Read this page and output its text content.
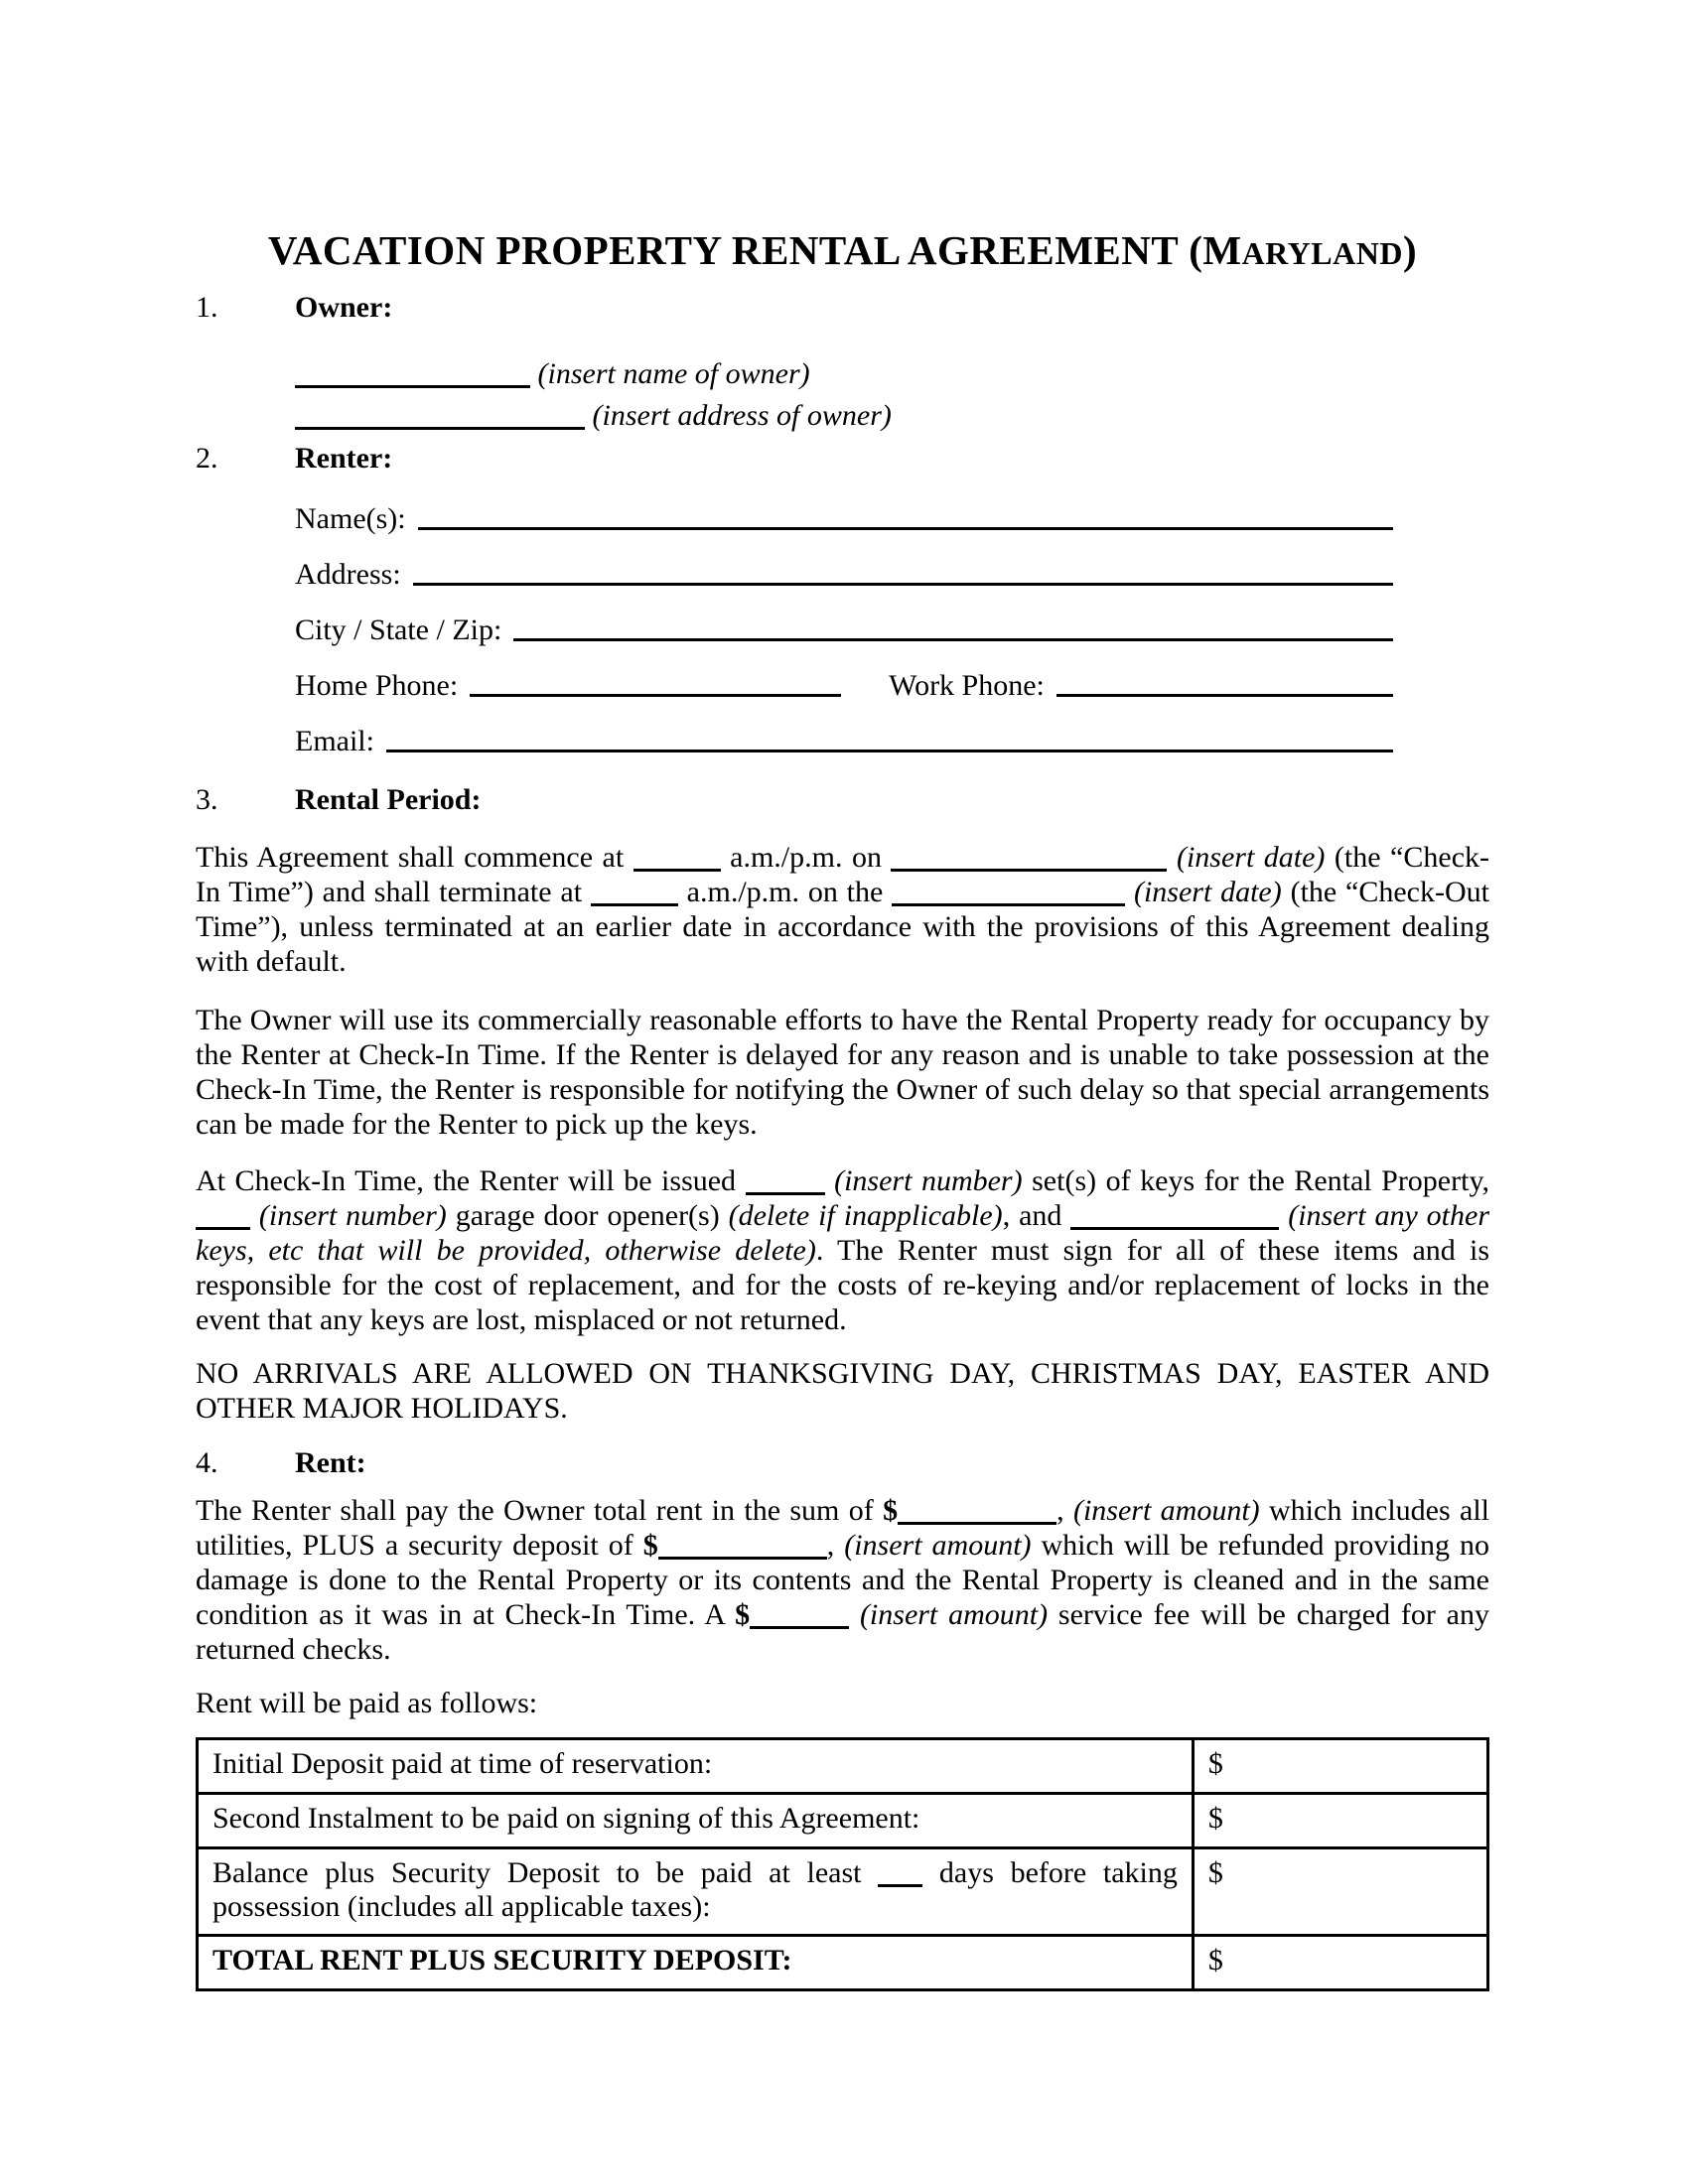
VACATION PROPERTY RENTAL AGREEMENT (MARYLAND)
1.	Owner:
(insert name of owner)
(insert address of owner)
2.	Renter:
Name(s):
Address:
City / State / Zip:
Home Phone:	Work Phone:
Email:
3.	Rental Period:
This Agreement shall commence at	a.m./p.m. on	(insert date) (the “Check-In Time”) and shall terminate at	a.m./p.m. on the	(insert date) (the “Check-Out Time”), unless terminated at an earlier date in accordance with the provisions of this Agreement dealing with default.
The Owner will use its commercially reasonable efforts to have the Rental Property ready for occupancy by the Renter at Check-In Time. If the Renter is delayed for any reason and is unable to take possession at the Check-In Time, the Renter is responsible for notifying the Owner of such delay so that special arrangements can be made for the Renter to pick up the keys.
At Check-In Time, the Renter will be issued	(insert number) set(s) of keys for the Rental Property,  (insert number) garage door opener(s) (delete if inapplicable), and	(insert any other keys, etc that will be provided, otherwise delete). The Renter must sign for all of these items and is responsible for the cost of replacement, and for the costs of re-keying and/or replacement of locks in the event that any keys are lost, misplaced or not returned.
NO ARRIVALS ARE ALLOWED ON THANKSGIVING DAY, CHRISTMAS DAY, EASTER AND OTHER MAJOR HOLIDAYS.
4.	Rent:
The Renter shall pay the Owner total rent in the sum of $	, (insert amount) which includes all utilities, PLUS a security deposit of $	, (insert amount) which will be refunded providing no damage is done to the Rental Property or its contents and the Rental Property is cleaned and in the same condition as it was in at Check-In Time. A $	(insert amount) service fee will be charged for any returned checks.
Rent will be paid as follows:
Initial Deposit paid at time of reservation:	$
Second Instalment to be paid on signing of this Agreement:	$
Balance plus Security Deposit to be paid at least  days before taking possession (includes all applicable taxes):	$
TOTAL RENT PLUS SECURITY DEPOSIT:	$
